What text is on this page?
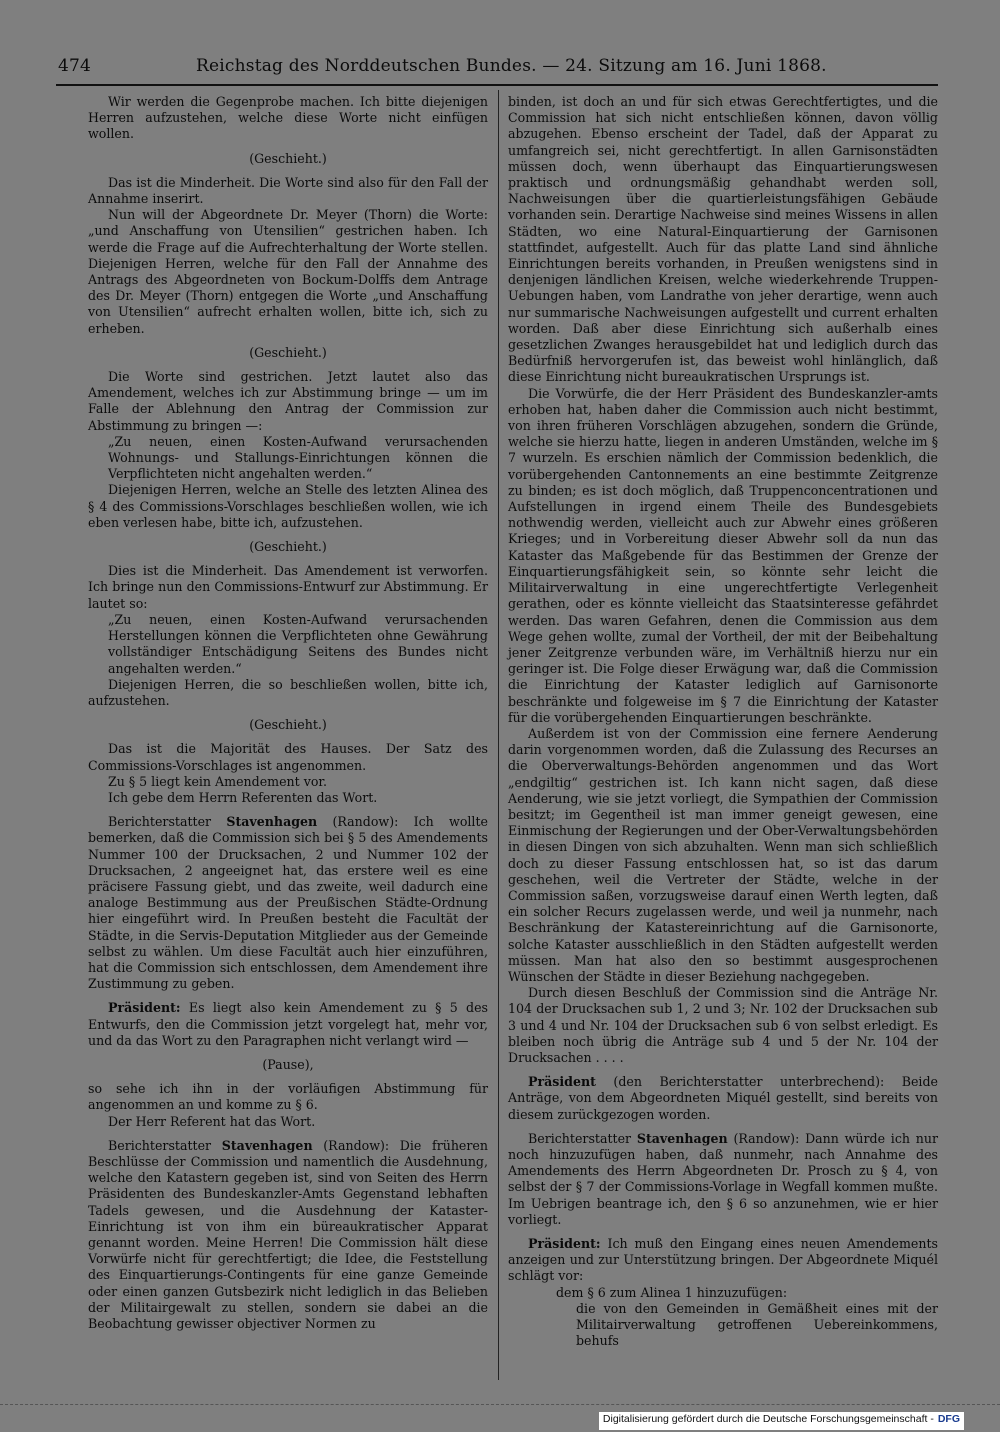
474	Reichstag des Norddeutschen Bundes. — 24. Sitzung am 16. Juni 1868.

Wir werden die Gegenprobe machen. Ich bitte diejenigen Herren aufzustehen, welche diese Worte nicht einfügen wollen.

(Geschieht.)

Das ist die Minderheit. Die Worte sind also für den Fall der Annahme inserirt.

Nun will der Abgeordnete Dr. Meyer (Thorn) die Worte: „und Anschaffung von Utensilien“ gestrichen haben. Ich werde die Frage auf die Aufrechterhaltung der Worte stellen. Diejenigen Herren, welche für den Fall der Annahme des Antrags des Abgeordneten von Bockum-Dolffs dem Antrage des Dr. Meyer (Thorn) entgegen die Worte „und Anschaffung von Utensilien“ aufrecht erhalten wollen, bitte ich, sich zu erheben.

(Geschieht.)

Die Worte sind gestrichen. Jetzt lautet also das Amendement, welches ich zur Abstimmung bringe — um im Falle der Ablehnung den Antrag der Commission zur Abstimmung zu bringen —:

„Zu neuen, einen Kosten-Aufwand verursachenden Wohnungs- und Stallungs-Einrichtungen können die Verpflichteten nicht angehalten werden.“

Diejenigen Herren, welche an Stelle des letzten Alinea des § 4 des Commissions-Vorschlages beschließen wollen, wie ich eben verlesen habe, bitte ich, aufzustehen.

(Geschieht.)

Dies ist die Minderheit. Das Amendement ist verworfen. Ich bringe nun den Commissions-Entwurf zur Abstimmung. Er lautet so:

„Zu neuen, einen Kosten-Aufwand verursachenden Herstellungen können die Verpflichteten ohne Gewährung vollständiger Entschädigung Seitens des Bundes nicht angehalten werden.“

Diejenigen Herren, die so beschließen wollen, bitte ich, aufzustehen.

(Geschieht.)

Das ist die Majorität des Hauses. Der Satz des Commissions-Vorschlages ist angenommen.

Zu § 5 liegt kein Amendement vor.

Ich gebe dem Herrn Referenten das Wort.

Berichterstatter Stavenhagen (Randow): Ich wollte bemerken, daß die Commission sich bei § 5 des Amendements Nummer 100 der Drucksachen, 2 und Nummer 102 der Drucksachen, 2 angeeignet hat, das erstere weil es eine präcisere Fassung giebt, und das zweite, weil dadurch eine analoge Bestimmung aus der Preußischen Städte-Ordnung hier eingeführt wird. In Preußen besteht die Facultät der Städte, in die Servis-Deputation Mitglieder aus der Gemeinde selbst zu wählen. Um diese Facultät auch hier einzuführen, hat die Commission sich entschlossen, dem Amendement ihre Zustimmung zu geben.

Präsident: Es liegt also kein Amendement zu § 5 des Entwurfs, den die Commission jetzt vorgelegt hat, mehr vor, und da das Wort zu den Paragraphen nicht verlangt wird —

(Pause),

so sehe ich ihn in der vorläufigen Abstimmung für angenommen an und komme zu § 6.

Der Herr Referent hat das Wort.

Berichterstatter Stavenhagen (Randow): Die früheren Beschlüsse der Commission und namentlich die Ausdehnung, welche den Katastern gegeben ist, sind von Seiten des Herrn Präsidenten des Bundeskanzler-Amts Gegenstand lebhaften Tadels gewesen, und die Ausdehnung der Kataster-Einrichtung ist von ihm ein büreaukratischer Apparat genannt worden. Meine Herren! Die Commission hält diese Vorwürfe nicht für gerechtfertigt; die Idee, die Feststellung des Einquartierungs-Contingents für eine ganze Gemeinde oder einen ganzen Gutsbezirk nicht lediglich in das Belieben der Militairgewalt zu stellen, sondern sie dabei an die Beobachtung gewisser objectiver Normen zu

binden, ist doch an und für sich etwas Gerechtfertigtes, und die Commission hat sich nicht entschließen können, davon völlig abzugehen. Ebenso erscheint der Tadel, daß der Apparat zu umfangreich sei, nicht gerechtfertigt. In allen Garnisonstädten müssen doch, wenn überhaupt das Einquartierungswesen praktisch und ordnungsmäßig gehandhabt werden soll, Nachweisungen über die quartierleistungsfähigen Gebäude vorhanden sein. Derartige Nachweise sind meines Wissens in allen Städten, wo eine Natural-Einquartierung der Garnisonen stattfindet, aufgestellt. Auch für das platte Land sind ähnliche Einrichtungen bereits vorhanden, in Preußen wenigstens sind in denjenigen ländlichen Kreisen, welche wiederkehrende Truppen-Uebungen haben, vom Landrathe von jeher derartige, wenn auch nur summarische Nachweisungen aufgestellt und current erhalten worden. Daß aber diese Einrichtung sich außerhalb eines gesetzlichen Zwanges herausgebildet hat und lediglich durch das Bedürfniß hervorgerufen ist, das beweist wohl hinlänglich, daß diese Einrichtung nicht bureaukratischen Ursprungs ist.

Die Vorwürfe, die der Herr Präsident des Bundeskanzler-amts erhoben hat, haben daher die Commission auch nicht bestimmt, von ihren früheren Vorschlägen abzugehen, sondern die Gründe, welche sie hierzu hatte, liegen in anderen Umständen, welche im § 7 wurzeln. Es erschien nämlich der Commission bedenklich, die vorübergehenden Cantonnements an eine bestimmte Zeitgrenze zu binden; es ist doch möglich, daß Truppenconcentrationen und Aufstellungen in irgend einem Theile des Bundesgebiets nothwendig werden, vielleicht auch zur Abwehr eines größeren Krieges; und in Vorbereitung dieser Abwehr soll da nun das Kataster das Maßgebende für das Bestimmen der Grenze der Einquartierungsfähigkeit sein, so könnte sehr leicht die Militairverwaltung in eine ungerechtfertigte Verlegenheit gerathen, oder es könnte vielleicht das Staatsinteresse gefährdet werden. Das waren Gefahren, denen die Commission aus dem Wege gehen wollte, zumal der Vortheil, der mit der Beibehaltung jener Zeitgrenze verbunden wäre, im Verhältniß hierzu nur ein geringer ist. Die Folge dieser Erwägung war, daß die Commission die Einrichtung der Kataster lediglich auf Garnisonorte beschränkte und folgeweise im § 7 die Einrichtung der Kataster für die vorübergehenden Einquartierungen beschränkte.

Außerdem ist von der Commission eine fernere Aenderung darin vorgenommen worden, daß die Zulassung des Recurses an die Oberverwaltungs-Behörden angenommen und das Wort „endgiltig“ gestrichen ist. Ich kann nicht sagen, daß diese Aenderung, wie sie jetzt vorliegt, die Sympathien der Commission besitzt; im Gegentheil ist man immer geneigt gewesen, eine Einmischung der Regierungen und der Ober-Verwaltungsbehörden in diesen Dingen von sich abzuhalten. Wenn man sich schließlich doch zu dieser Fassung entschlossen hat, so ist das darum geschehen, weil die Vertreter der Städte, welche in der Commission saßen, vorzugsweise darauf einen Werth legten, daß ein solcher Recurs zugelassen werde, und weil ja nunmehr, nach Beschränkung der Katastereinrichtung auf die Garnisonorte, solche Kataster ausschließlich in den Städten aufgestellt werden müssen. Man hat also den so bestimmt ausgesprochenen Wünschen der Städte in dieser Beziehung nachgegeben.

Durch diesen Beschluß der Commission sind die Anträge Nr. 104 der Drucksachen sub 1, 2 und 3; Nr. 102 der Drucksachen sub 3 und 4 und Nr. 104 der Drucksachen sub 6 von selbst erledigt. Es bleiben noch übrig die Anträge sub 4 und 5 der Nr. 104 der Drucksachen . . . .

Präsident (den Berichterstatter unterbrechend): Beide Anträge, von dem Abgeordneten Miquél gestellt, sind bereits von diesem zurückgezogen worden.

Berichterstatter Stavenhagen (Randow): Dann würde ich nur noch hinzuzufügen haben, daß nunmehr, nach Annahme des Amendements des Herrn Abgeordneten Dr. Prosch zu § 4, von selbst der § 7 der Commissions-Vorlage in Wegfall kommen mußte. Im Uebrigen beantrage ich, den § 6 so anzunehmen, wie er hier vorliegt.

Präsident: Ich muß den Eingang eines neuen Amendements anzeigen und zur Unterstützung bringen. Der Abgeordnete Miquél schlägt vor:

dem § 6 zum Alinea 1 hinzuzufügen:

die von den Gemeinden in Gemäßheit eines mit der Militairverwaltung getroffenen Uebereinkommens, behufs

Digitalisierung gefördert durch die Deutsche Forschungsgemeinschaft - DFG
